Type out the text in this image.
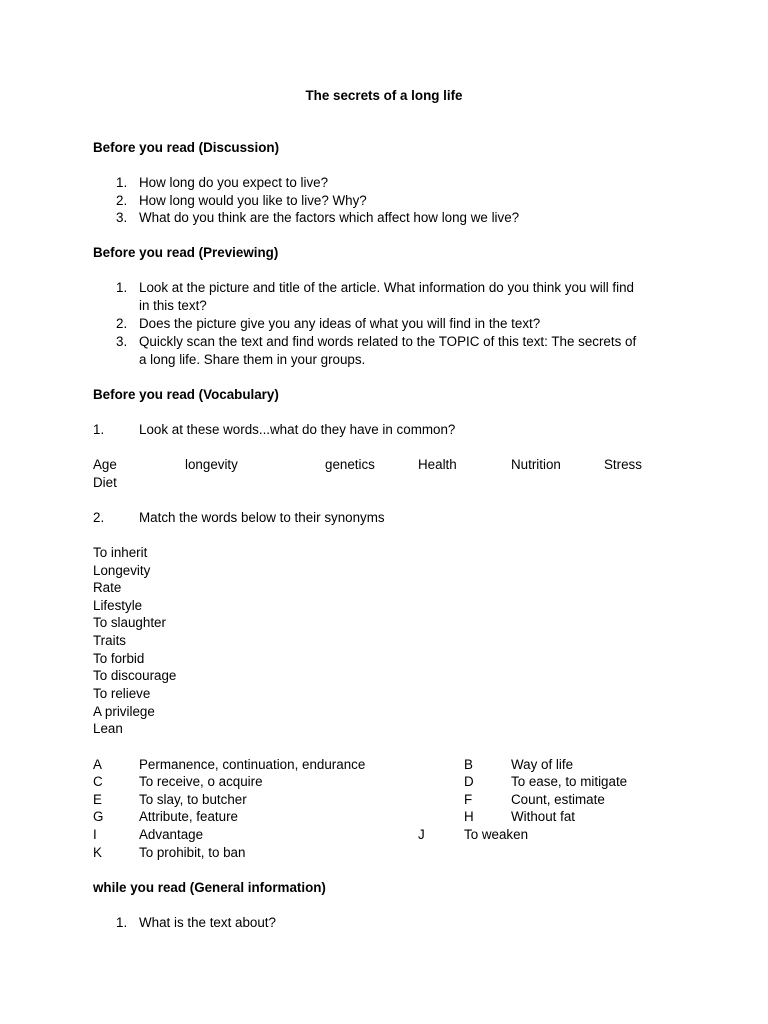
The secrets of a long life
Before you read (Discussion)
1. How long do you expect to live?
2. How long would you like to live? Why?
3. What do you think are the factors which affect how long we live?
Before you read (Previewing)
1. Look at the picture and title of the article. What information do you think you will find
in this text?
2. Does the picture give you any ideas of what you will find in the text?
3. Quickly scan the text and find words related to the TOPIC of this text: The secrets of
a long life. Share them in your groups.
Before you read (Vocabulary)
1.	Look at these words...what do they have in common?
Age	longevity	genetics	Health	Nutrition	Stress
Diet
2.	Match the words below to their synonyms
To inherit
Longevity
Rate
Lifestyle
To slaughter
Traits
To forbid
To discourage
To relieve
A privilege
Lean
A	Permanence, continuation, endurance	B	Way of life
C	To receive, o acquire	D	To ease, to mitigate
E	To slay, to butcher	F	Count, estimate
G	Attribute, feature	H	Without fat
I	Advantage	J	To weaken
K	To prohibit, to ban
while you read (General information)
1. What is the text about?
